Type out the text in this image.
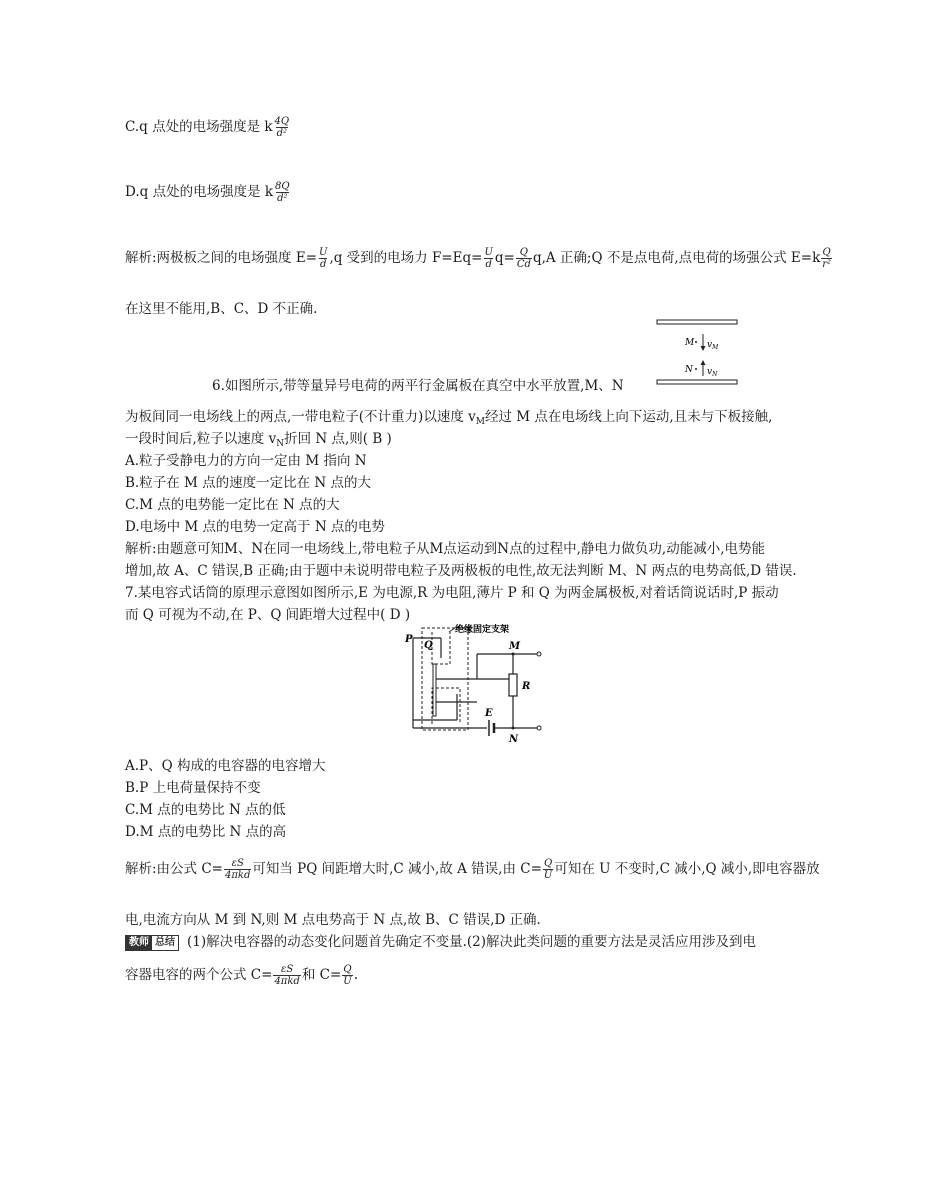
C.q 点处的电场强度是 k $\frac{4Q}{\text{d²}}$
D.q 点处的电场强度是 k $\frac{8Q}{\text{d²}}$
解析:两极板之间的电场强度 $E= \frac{U}{d} ,q$ 受到的电场力 $F=Eq= \frac{U}{d} q= \frac{Q}{Cd} q,A$ 正确;Q 不是点电荷,点电荷的场强公式 $E=k \frac{Q}{\text{r²}}$
在这里不能用,B、C、D 不正确.
M $v_M$
N $v_N$
6.如图所示,带等量异号电荷的两平行金属板在真空中水平放置,M、N
为板间同一电场线上的两点,一带电粒子(不计重力)以速度 $v_M$经过 M 点在电场线上向下运动,且未与下板接触,
一段时间后,粒子以速度 $v_N$折回 N 点,则( B )
A.粒子受静电力的方向一定由 M 指向 N
B.粒子在 M 点的速度一定比在 N 点的大
C.M 点的电势能一定比在 N 点的大
D.电场中 M 点的电势一定高于 N 点的电势
解析:由题意可知M、N在同一电场线上,带电粒子从M点运动到N点的过程中,静电力做负功,动能减小,电势能
增加,故 A、C 错误,B 正确;由于题中未说明带电粒子及两极板的电性,故无法判断 M、N 两点的电势高低,D 错误.
7.某电容式话筒的原理示意图如图所示,E 为电源,R 为电阻,薄片 P 和 Q 为两金属极板,对着话筒说话时,P 振动
而 Q 可视为不动,在 P、Q 间距增大过程中( D )
P
Q
绝缘固定支架
M
R
E
N
A.P、Q 构成的电容器的电容增大
B.P 上电荷量保持不变
C.M 点的电势比 N 点的低
D.M 点的电势比 N 点的高
解析:由公式 $C= \frac{\varepsilon S}{\text{4πkd}}$ 可知当 PQ 间距增大时,C 减小,故 A 错误,由 $C= \frac{Q}{U}$ 可知在 U 不变时,C 减小,Q 减小,即电容器放
电,电流方向从 M 到 N,则 M 点电势高于 N 点,故 B、C 错误,D 正确.
教师 总结 (1)解决电容器的动态变化问题首先确定不变量.(2)解决此类问题的重要方法是灵活应用涉及到电
容器电容的两个公式 $C= \frac{\varepsilon S}{\text{4πkd}}$ 和 $C= \frac{Q}{U}$ .
